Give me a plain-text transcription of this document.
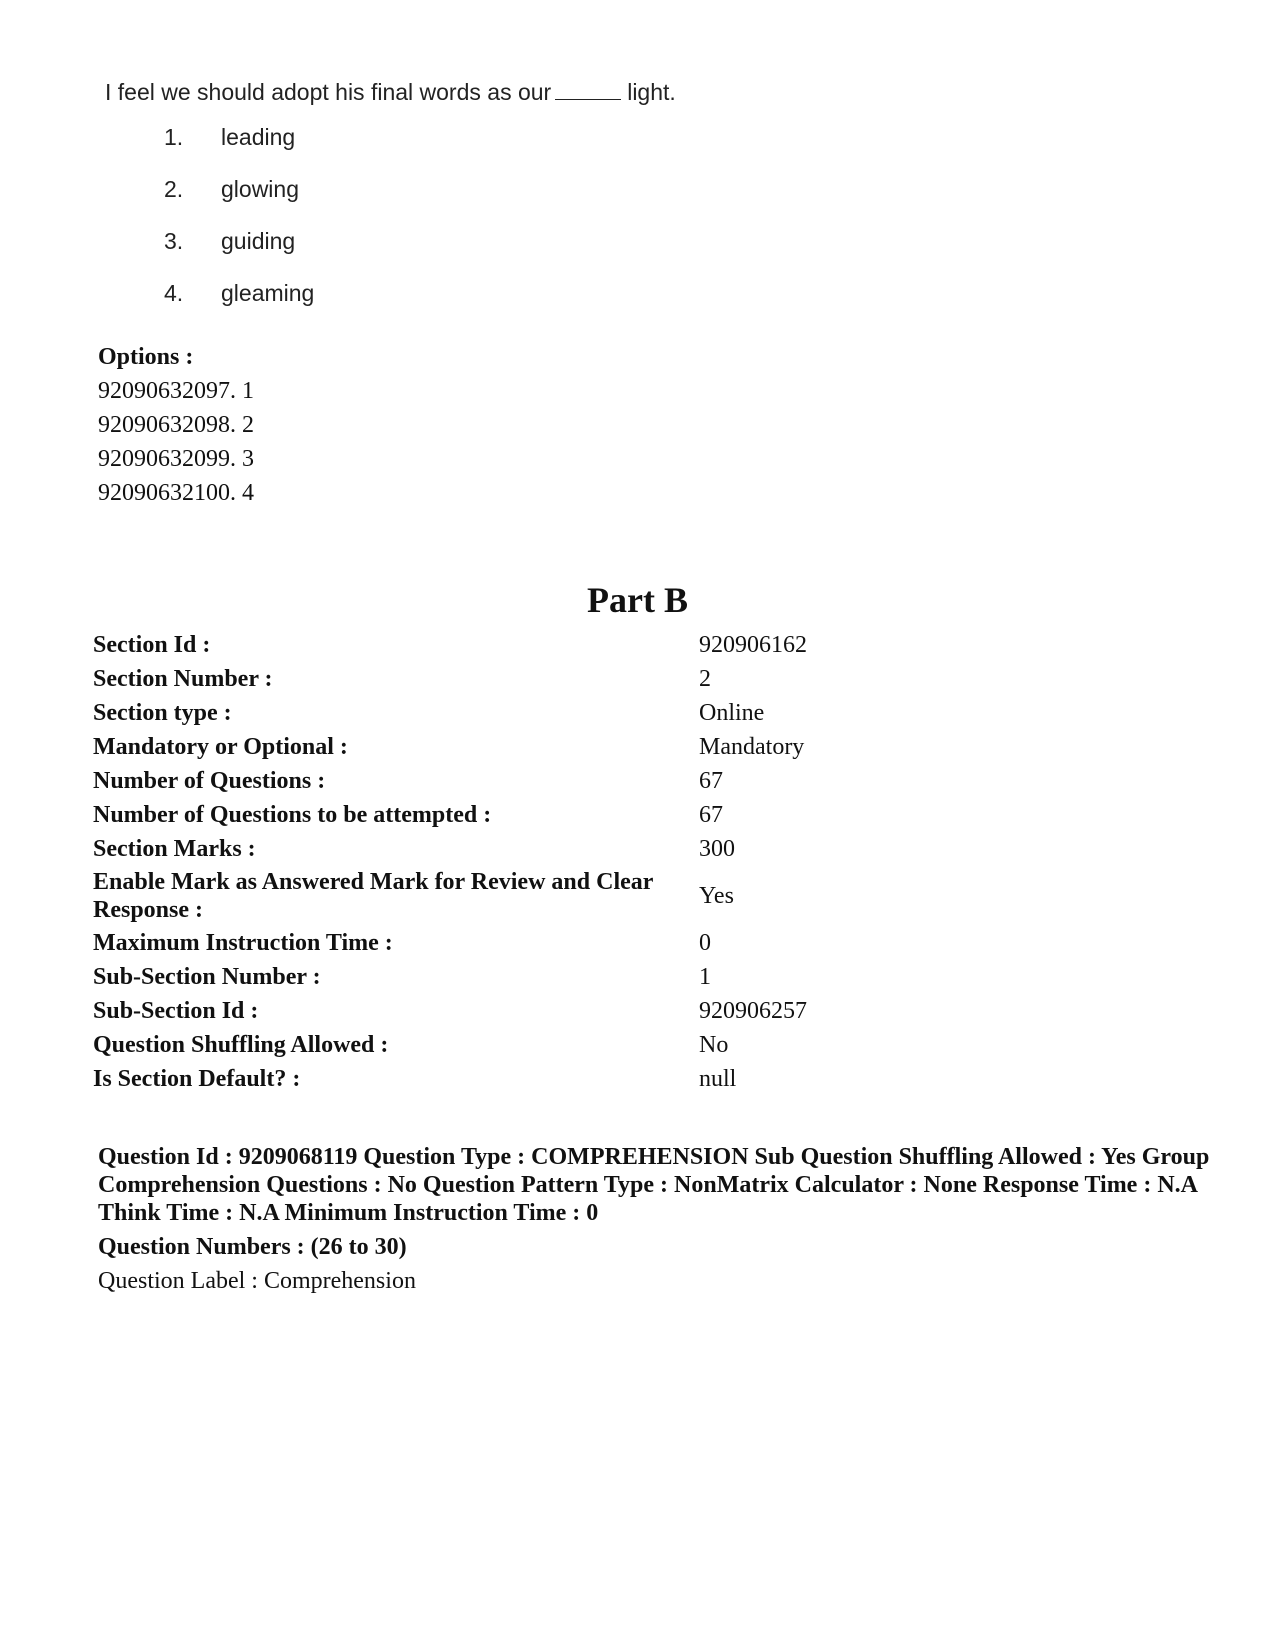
I feel we should adopt his final words as our	light.
1.	leading
2.	glowing
3.	guiding
4.	gleaming
Options :
92090632097. 1
92090632098. 2
92090632099. 3
92090632100. 4
Part B
Section Id :	920906162
Section Number :	2
Section type :	Online
Mandatory or Optional :	Mandatory
Number of Questions :	67
Number of Questions to be attempted :	67
Section Marks :	300
Enable Mark as Answered Mark for Review and Clear Response :	Yes
Maximum Instruction Time :	0
Sub-Section Number :	1
Sub-Section Id :	920906257
Question Shuffling Allowed :	No
Is Section Default? :	null
Question Id : 9209068119 Question Type : COMPREHENSION Sub Question Shuffling Allowed : Yes Group Comprehension Questions : No Question Pattern Type : NonMatrix Calculator : None Response Time : N.A Think Time : N.A Minimum Instruction Time : 0
Question Numbers : (26 to 30)
Question Label : Comprehension
